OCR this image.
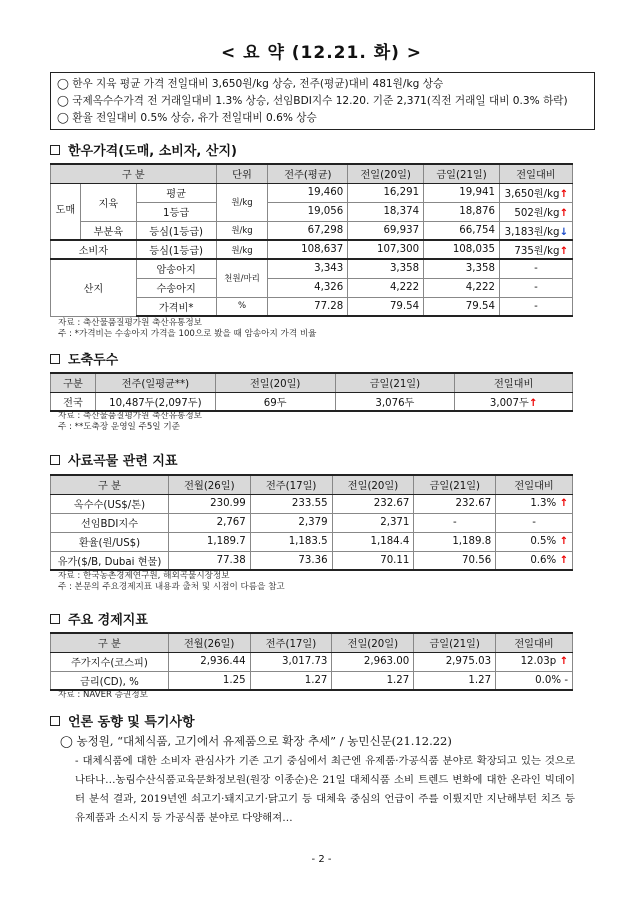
< 요 약 (12.21. 화) >
◯ 한우 지육 평균 가격 전일대비 3,650원/kg 상승, 전주(평균)대비 481원/kg 상승
◯ 국제옥수수가격 전 거래일대비 1.3% 상승, 선임BDI지수 12.20. 기준 2,371(직전 거래일 대비 0.3% 하락)
◯ 환율 전일대비 0.5% 상승, 유가 전일대비 0.6% 상승
한우가격(도매, 소비자, 산지)
구 분			단위	전주(평균)	전일(20일)	금일(21일)	전일대비
도매	지육	평균	원/kg	19,460	16,291	19,941	3,650원/kg↑
		1등급		19,056	18,374	18,876	502원/kg↑
	부분육	등심(1등급)	원/kg	67,298	69,937	66,754	3,183원/kg↓
소비자		등심(1등급)	원/kg	108,637	107,300	108,035	735원/kg↑
산지		암송아지	천원/마리	3,343	3,358	3,358	-
		수송아지		4,326	4,222	4,222	-
		가격비*	%	77.28	79.54	79.54	-
자료 : 축산물품질평가원 축산유통정보
주 : *가격비는 수송아지 가격을 100으로 봤을 때 암송아지 가격 비율
도축두수
구분	전주(일평균**)	전일(20일)	금일(21일)	전일대비
전국	10,487두(2,097두)	69두	3,076두	3,007두↑
자료 : 축산물품질평가원 축산유통정보
주 : **도축장 운영일 주5일 기준
사료곡물 관련 지표
구 분	전월(26일)	전주(17일)	전일(20일)	금일(21일)	전일대비
옥수수(US$/톤)	230.99	233.55	232.67	232.67	1.3% ↑
선임BDI지수	2,767	2,379	2,371	-	-
환율(원/US$)	1,189.7	1,183.5	1,184.4	1,189.8	0.5% ↑
유가($/B, Dubai 현물)	77.38	73.36	70.11	70.56	0.6% ↑
자료 : 한국농촌경제연구원, 해외곡물시장정보
주 : 본문의 주요경제지표 내용과 출처 및 시점이 다름을 참고
주요 경제지표
구 분	전월(26일)	전주(17일)	전일(20일)	금일(21일)	전일대비
주가지수(코스피)	2,936.44	3,017.73	2,963.00	2,975.03	12.03p ↑
금리(CD), %	1.25	1.27	1.27	1.27	0.0% -
자료 : NAVER 증권정보
언론 동향 및 특기사항
◯ 농정원, “대체식품, 고기에서 유제품으로 확장 추세” / 농민신문(21.12.22)
- 대체식품에 대한 소비자 관심사가 기존 고기 중심에서 최근엔 유제품·가공식품 분야로 확장되고 있는 것으로 나타나…농림수산식품교육문화정보원(원장 이종순)은 21일 대체식품 소비 트렌드 변화에 대한 온라인 빅데이터 분석 결과, 2019년엔 쇠고기·돼지고기·닭고기 등 대체육 중심의 언급이 주를 이뤘지만 지난해부턴 치즈 등 유제품과 소시지 등 가공식품 분야로 다양해져…
- 2 -
